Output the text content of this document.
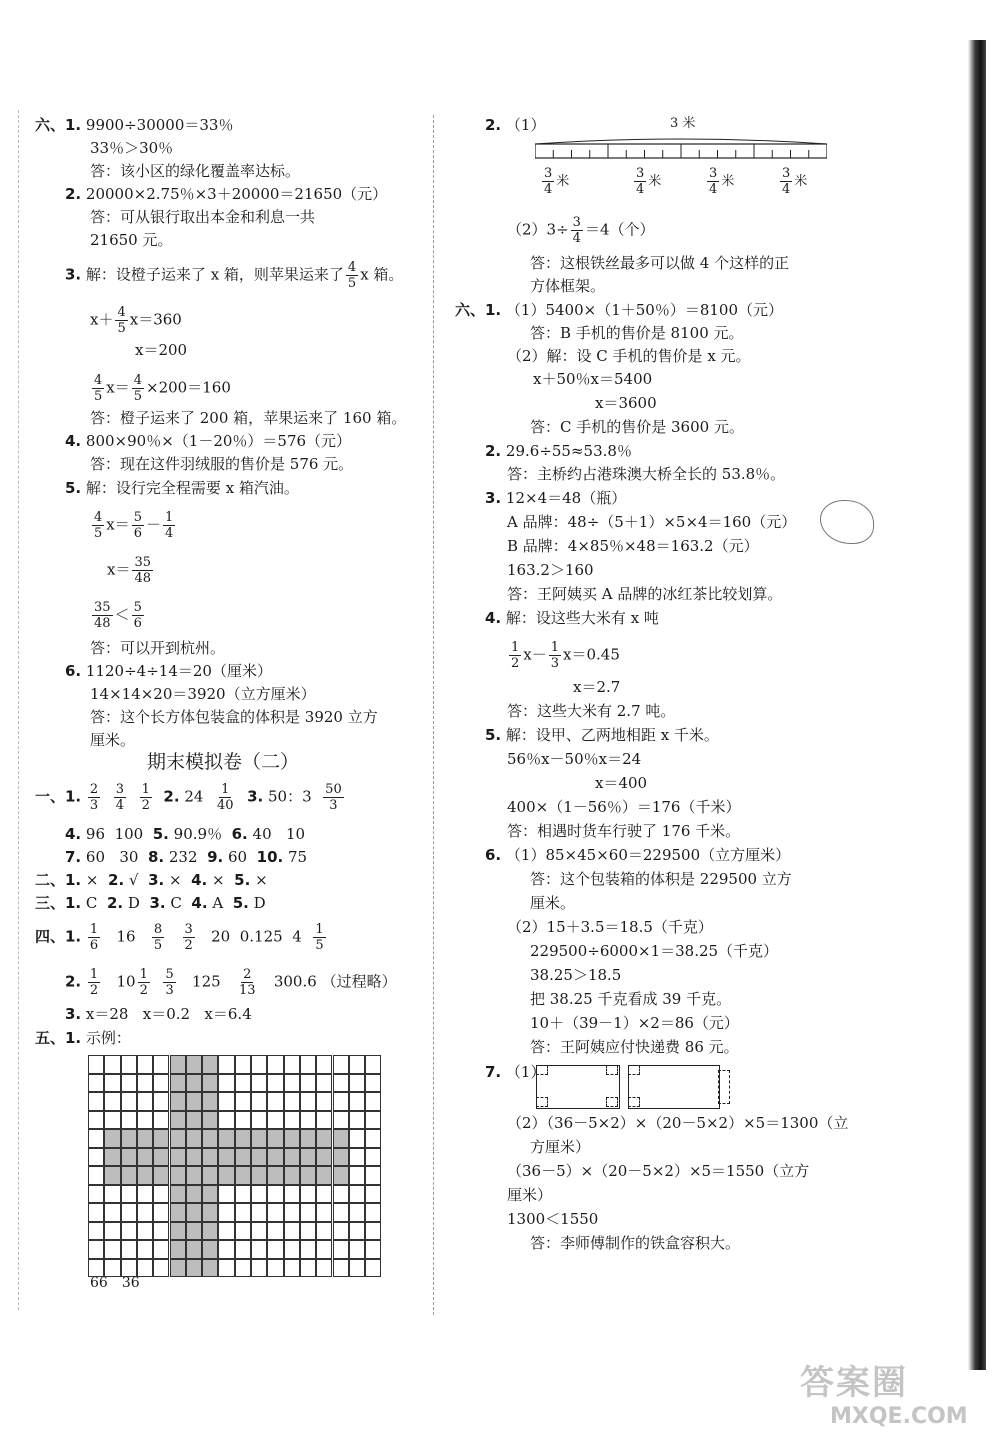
六、1. 9900÷30000＝33％
33％＞30％
答：该小区的绿化覆盖率达标。
2. 20000×2.75％×3＋20000＝21650（元）
答：可从银行取出本金和利息一共
21650 元。
3. 解：设橙子运来了 x 箱，则苹果运来了 $\frac{4}{5}$ x 箱。
$x+ \frac{4}{5} x=360$
x＝200
$\frac{4}{5} x= \frac{4}{5} \times 200=160$
答：橙子运来了 200 箱，苹果运来了 160 箱。
4. 800×90％×（1－20％）＝576（元）
答：现在这件羽绒服的售价是 576 元。
5. 解：设行完全程需要 x 箱汽油。
$\frac{4}{5} x= \frac{5}{6} - \frac{1}{4}$
$x= \frac{35}{48}$
$\frac{35}{48} < \frac{5}{6}$
答：可以开到杭州。
6. 1120÷4÷14＝20（厘米）
14×14×20＝3920（立方厘米）
答：这个长方体包装盒的体积是 3920 立方
厘米。
期末模拟卷（二）
一、1. $\frac{2}{3}$
$\frac{3}{4}$
$\frac{1}{2} 2$. $24 \frac{1}{40} 3$. 50：$3 \frac{50}{3}$
4. 96 100 5. 90.9％ 6. 40 10
7. 60 30 8. 232 9. 60 10. 75
二、1. × 2. √ 3. × 4. × 5. ×
三、1. C 2. D 3. C 4. A 5. D
四、1. $\frac{1}{6} 16 \frac{8}{5}$
$\frac{3}{2} 20$ 0.125 $4 \frac{1}{5}$
2. $\frac{1}{2} 10 \frac{1}{2}$
$\frac{5}{3} 125 \frac{2}{13} 300.6$ （过程略）
3. x＝28 x＝0.2 x＝6.4
五、1. 示例：
66　36
2. （1）	3 米
$\frac{3}{4}$ 米	$\frac{3}{4}$ 米	$\frac{3}{4}$ 米	$\frac{3}{4}$ 米
$(2)3\div \frac{3}{4} =4$（个）
答：这根铁丝最多可以做 4 个这样的正
方体框架。
六、1. （1）5400×（1＋50％）＝8100（元）
答：B 手机的售价是 8100 元。
（2）解：设 C 手机的售价是 x 元。
x＋50％x＝5400
x＝3600
答：C 手机的售价是 3600 元。
2. 29.6÷55≈53.8％
答：主桥约占港珠澳大桥全长的 53.8％。
3. 12×4＝48（瓶）
A 品牌：48÷（5＋1）×5×4＝160（元）
B 品牌：4×85％×48＝163.2（元）
163.2＞160
答：王阿姨买 A 品牌的冰红茶比较划算。
4. 解：设这些大米有 x 吨
$\frac{1}{2} x- \frac{1}{3} x=0.45$
x＝2.7
答：这些大米有 2.7 吨。
5. 解：设甲、乙两地相距 x 千米。
56％x－50％x＝24
x＝400
400×（1－56％）＝176（千米）
答：相遇时货车行驶了 176 千米。
6. （1）85×45×60＝229500（立方厘米）
答：这个包装箱的体积是 229500 立方
厘米。
（2）15＋3.5＝18.5（千克）
229500÷6000×1＝38.25（千克）
38.25＞18.5
把 38.25 千克看成 39 千克。
10＋（39－1）×2＝86（元）
答：王阿姨应付快递费 86 元。
7. （1）
（2）（36－5×2）×（20－5×2）×5＝1300（立
方厘米）
（36－5）×（20－5×2）×5＝1550（立方
厘米）
1300＜1550
答：李师傅制作的铁盒容积大。
答案圈
MXQE.COM
